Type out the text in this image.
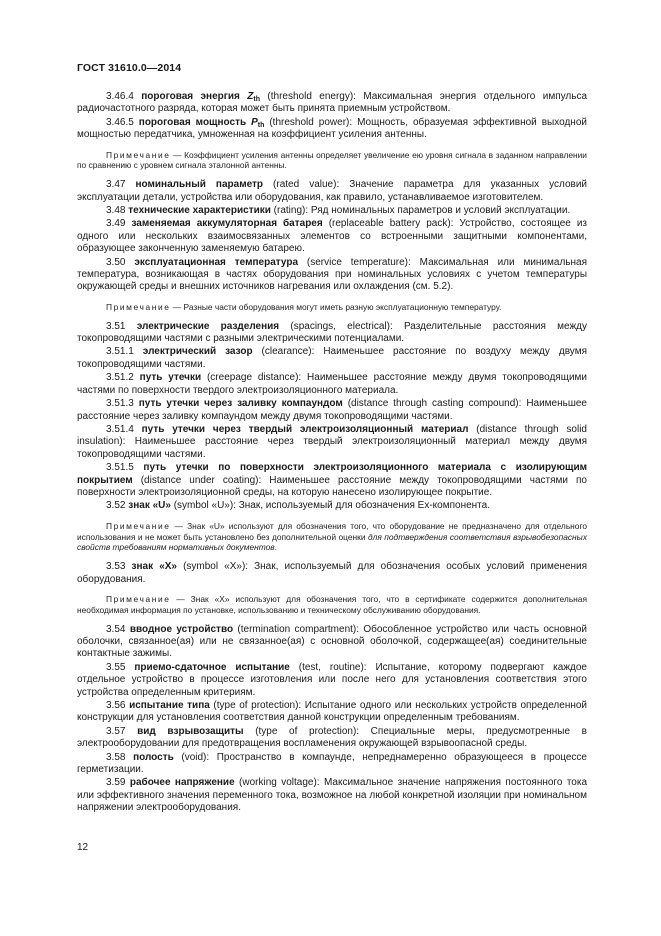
ГОСТ 31610.0—2014
3.46.4 пороговая энергия $Z_{th}$ (threshold energy): Максимальная энергия отдельного импульса радиочастотного разряда, которая может быть принята приемным устройством.
3.46.5 пороговая мощность $P_{th}$ (threshold power): Мощность, образуемая эффективной выходной мощностью передатчика, умноженная на коэффициент усиления антенны.
Примечание — Коэффициент усиления антенны определяет увеличение ею уровня сигнала в заданном направлении по сравнению с уровнем сигнала эталонной антенны.
3.47 номинальный параметр (rated value): Значение параметра для указанных условий эксплуатации детали, устройства или оборудования, как правило, устанавливаемое изготовителем.
3.48 технические характеристики (rating): Ряд номинальных параметров и условий эксплуатации.
3.49 заменяемая аккумуляторная батарея (replaceable battery pack): Устройство, состоящее из одного или нескольких взаимосвязанных элементов со встроенными защитными компонентами, образующее законченную заменяемую батарею.
3.50 эксплуатационная температура (service temperature): Максимальная или минимальная температура, возникающая в частях оборудования при номинальных условиях с учетом температуры окружающей среды и внешних источников нагревания или охлаждения (см. 5.2).
Примечание — Разные части оборудования могут иметь разную эксплуатационную температуру.
3.51 электрические разделения (spacings, electrical): Разделительные расстояния между токопроводящими частями с разными электрическими потенциалами.
3.51.1 электрический зазор (clearance): Наименьшее расстояние по воздуху между двумя токопроводящими частями.
3.51.2 путь утечки (creepage distance): Наименьшее расстояние между двумя токопроводящими частями по поверхности твердого электроизоляционного материала.
3.51.3 путь утечки через заливку компаундом (distance through casting compound): Наименьшее расстояние через заливку компаундом между двумя токопроводящими частями.
3.51.4 путь утечки через твердый электроизоляционный материал (distance through solid insulation): Наименьшее расстояние через твердый электроизоляционный материал между двумя токопроводящими частями.
3.51.5 путь утечки по поверхности электроизоляционного материала с изолирующим покрытием (distance under coating): Наименьшее расстояние между токопроводящими частями по поверхности электроизоляционной среды, на которую нанесено изолирующее покрытие.
3.52 знак «U» (symbol «U»): Знак, используемый для обозначения Ex-компонента.
Примечание — Знак «U» используют для обозначения того, что оборудование не предназначено для отдельного использования и не может быть установлено без дополнительной оценки для подтверждения соответствия взрывобезопасных свойств требованиям нормативных документов.
3.53 знак «X» (symbol «X»): Знак, используемый для обозначения особых условий применения оборудования.
Примечание — Знак «X» используют для обозначения того, что в сертификате содержится дополнительная необходимая информация по установке, использованию и техническому обслуживанию оборудования.
3.54 вводное устройство (termination compartment): Обособленное устройство или часть основной оболочки, связанное(ая) или не связанное(ая) с основной оболочкой, содержащее(ая) соединительные контактные зажимы.
3.55 приемо-сдаточное испытание (test, routine): Испытание, которому подвергают каждое отдельное устройство в процессе изготовления или после него для установления соответствия этого устройства определенным критериям.
3.56 испытание типа (type of protection): Испытание одного или нескольких устройств определенной конструкции для установления соответствия данной конструкции определенным требованиям.
3.57 вид взрывозащиты (type of protection): Специальные меры, предусмотренные в электрооборудовании для предотвращения воспламенения окружающей взрывоопасной среды.
3.58 полость (void): Пространство в компаунде, непреднамеренно образующееся в процессе герметизации.
3.59 рабочее напряжение (working voltage): Максимальное значение напряжения постоянного тока или эффективного значения переменного тока, возможное на любой конкретной изоляции при номинальном напряжении электрооборудования.
12
